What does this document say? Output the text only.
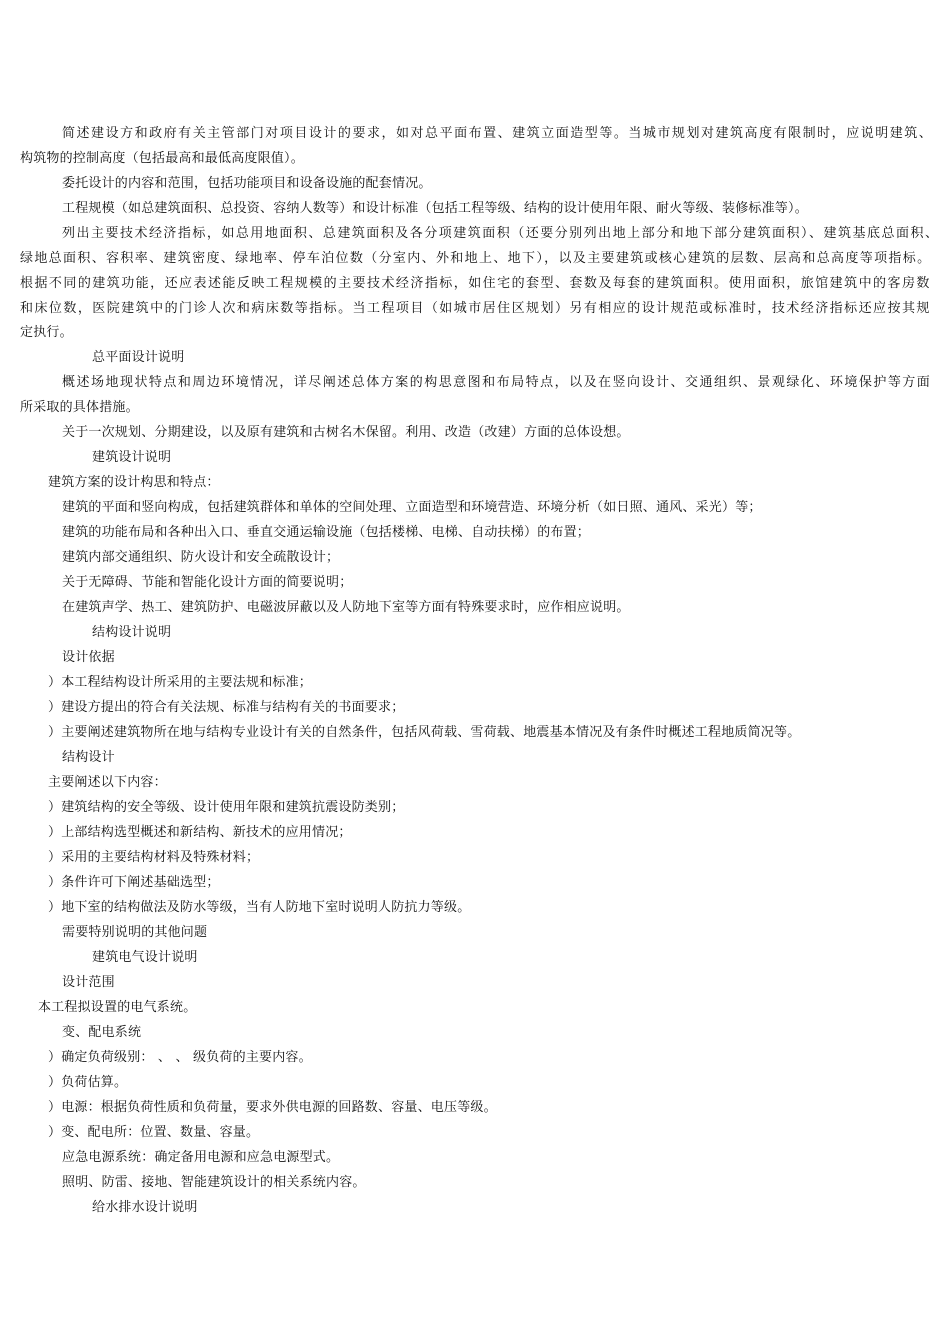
简述建设方和政府有关主管部门对项目设计的要求，如对总平面布置、建筑立面造型等。当城市规划对建筑高度有限制时，应说明建筑、
构筑物的控制高度（包括最高和最低高度限值）。
委托设计的内容和范围，包括功能项目和设备设施的配套情况。
工程规模（如总建筑面积、总投资、容纳人数等）和设计标准（包括工程等级、结构的设计使用年限、耐火等级、装修标准等）。
列出主要技术经济指标，如总用地面积、总建筑面积及各分项建筑面积（还要分别列出地上部分和地下部分建筑面积）、建筑基底总面积、
绿地总面积、容积率、建筑密度、绿地率、停车泊位数（分室内、外和地上、地下），以及主要建筑或核心建筑的层数、层高和总高度等项指标。
根据不同的建筑功能，还应表述能反映工程规模的主要技术经济指标，如住宅的套型、套数及每套的建筑面积。使用面积，旅馆建筑中的客房数
和床位数，医院建筑中的门诊人次和病床数等指标。当工程项目（如城市居住区规划）另有相应的设计规范或标准时，技术经济指标还应按其规
定执行。
总平面设计说明
概述场地现状特点和周边环境情况，详尽阐述总体方案的构思意图和布局特点，以及在竖向设计、交通组织、景观绿化、环境保护等方面
所采取的具体措施。
关于一次规划、分期建设，以及原有建筑和古树名木保留。利用、改造（改建）方面的总体设想。
建筑设计说明
建筑方案的设计构思和特点：
建筑的平面和竖向构成，包括建筑群体和单体的空间处理、立面造型和环境营造、环境分析（如日照、通风、采光）等；
建筑的功能布局和各种出入口、垂直交通运输设施（包括楼梯、电梯、自动扶梯）的布置；
建筑内部交通组织、防火设计和安全疏散设计；
关于无障碍、节能和智能化设计方面的简要说明；
在建筑声学、热工、建筑防护、电磁波屏蔽以及人防地下室等方面有特殊要求时，应作相应说明。
结构设计说明
设计依据
）本工程结构设计所采用的主要法规和标准；
）建设方提出的符合有关法规、标准与结构有关的书面要求；
）主要阐述建筑物所在地与结构专业设计有关的自然条件，包括风荷载、雪荷载、地震基本情况及有条件时概述工程地质简况等。
结构设计
主要阐述以下内容：
）建筑结构的安全等级、设计使用年限和建筑抗震设防类别；
）上部结构选型概述和新结构、新技术的应用情况；
）采用的主要结构材料及特殊材料；
）条件许可下阐述基础选型；
）地下室的结构做法及防水等级，当有人防地下室时说明人防抗力等级。
需要特别说明的其他问题
建筑电气设计说明
设计范围
本工程拟设置的电气系统。
变、配电系统
）确定负荷级别： 、 、 级负荷的主要内容。
）负荷估算。
）电源：根据负荷性质和负荷量，要求外供电源的回路数、容量、电压等级。
）变、配电所：位置、数量、容量。
应急电源系统：确定备用电源和应急电源型式。
照明、防雷、接地、智能建筑设计的相关系统内容。
给水排水设计说明
